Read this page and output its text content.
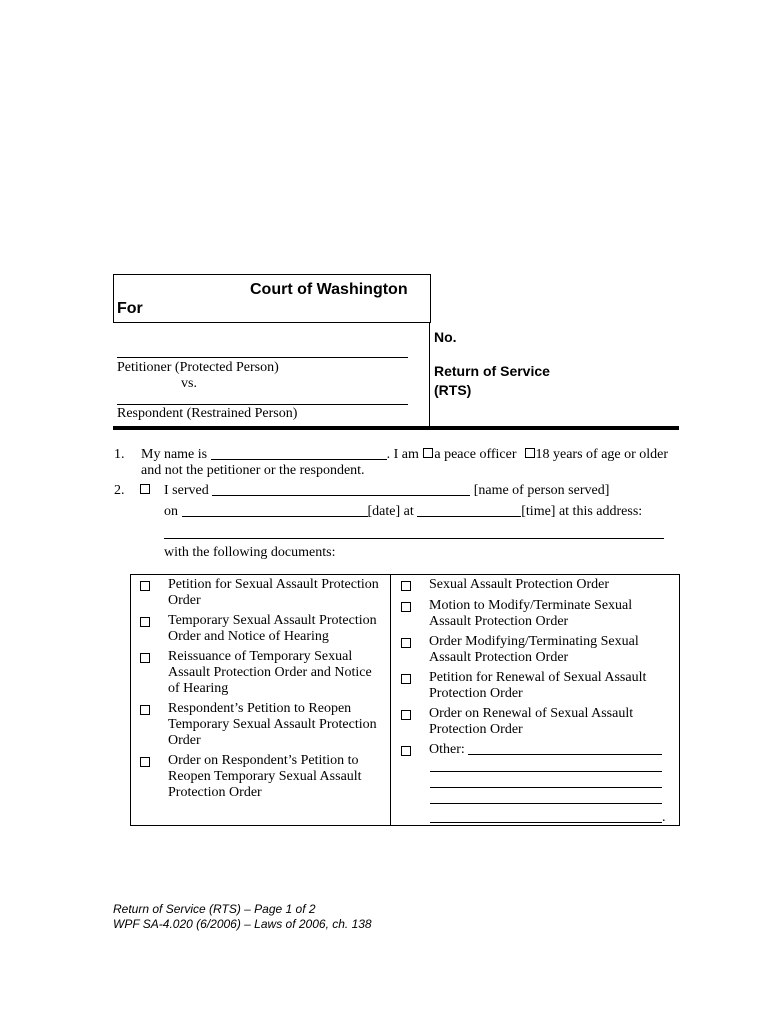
Court of Washington
For
Petitioner (Protected Person)
vs.
Respondent (Restrained Person)
No.
Return of Service
(RTS)
1. My name is	. I am a peace officer 18 years of age or older
and not the petitioner or the respondent.
2.	I served	[name of person served]
on	[date] at	[time] at this address:
with the following documents:
Petition for Sexual Assault Protection Order
Temporary Sexual Assault Protection Order and Notice of Hearing
Reissuance of Temporary Sexual Assault Protection Order and Notice of Hearing
Respondent’s Petition to Reopen Temporary Sexual Assault Protection Order
Order on Respondent’s Petition to Reopen Temporary Sexual Assault Protection Order
Sexual Assault Protection Order
Motion to Modify/Terminate Sexual Assault Protection Order
Order Modifying/Terminating Sexual Assault Protection Order
Petition for Renewal of Sexual Assault Protection Order
Order on Renewal of Sexual Assault Protection Order
Other:
.
Return of Service (RTS) – Page 1 of 2
WPF SA-4.020 (6/2006) – Laws of 2006, ch. 138
